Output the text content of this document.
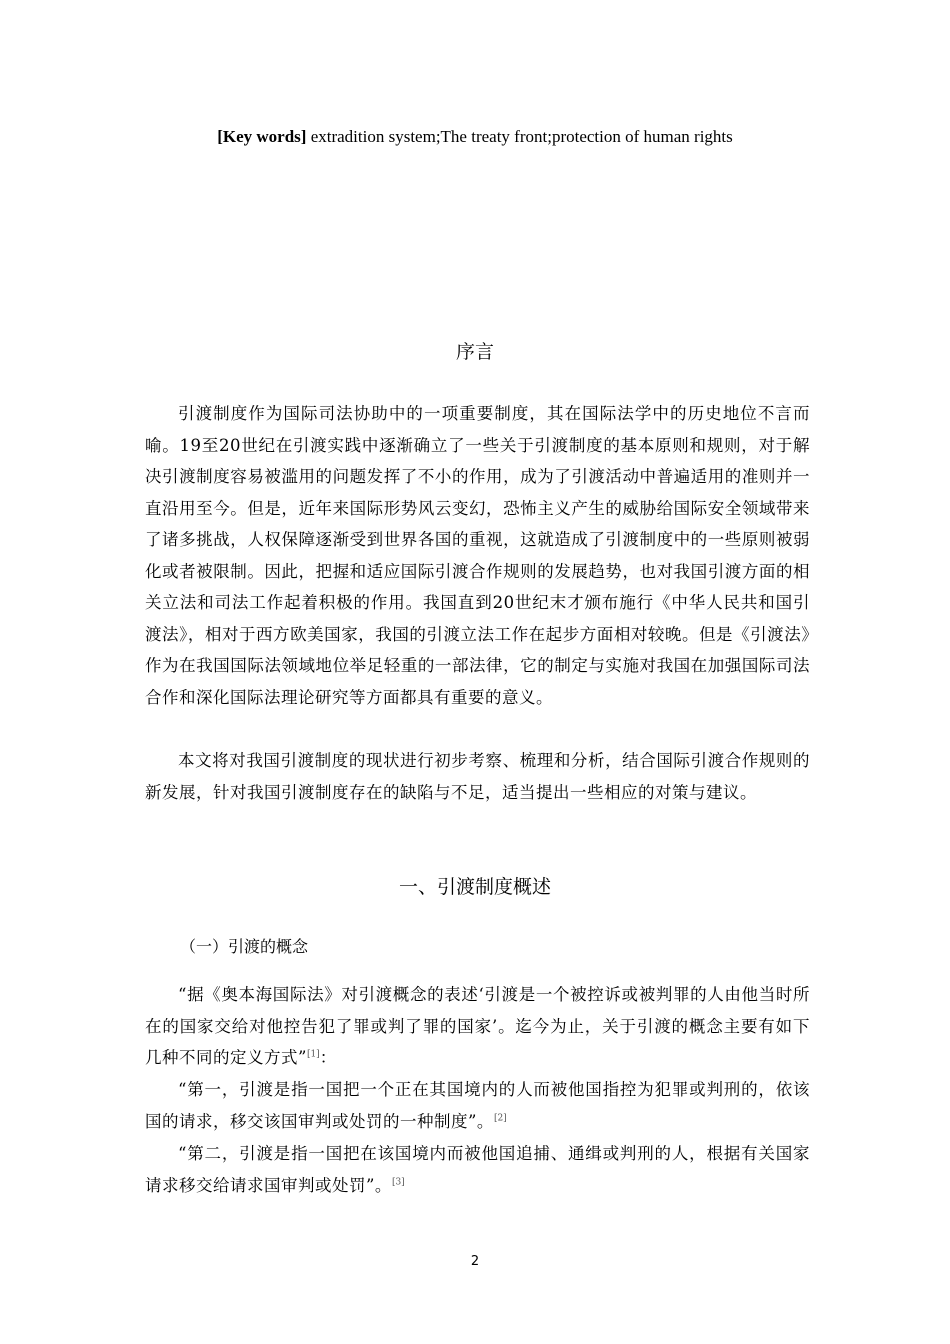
[Key words] extradition system;The treaty front;protection of human rights
序言

引渡制度作为国际司法协助中的一项重要制度，其在国际法学中的历史地位不言而喻。19至20世纪在引渡实践中逐渐确立了一些关于引渡制度的基本原则和规则，对于解决引渡制度容易被滥用的问题发挥了不小的作用，成为了引渡活动中普遍适用的准则并一直沿用至今。但是，近年来国际形势风云变幻，恐怖主义产生的威胁给国际安全领域带来了诸多挑战，人权保障逐渐受到世界各国的重视，这就造成了引渡制度中的一些原则被弱化或者被限制。因此，把握和适应国际引渡合作规则的发展趋势，也对我国引渡方面的相关立法和司法工作起着积极的作用。我国直到20世纪末才颁布施行《中华人民共和国引渡法》，相对于西方欧美国家，我国的引渡立法工作在起步方面相对较晚。但是《引渡法》作为在我国国际法领域地位举足轻重的一部法律，它的制定与实施对我国在加强国际司法合作和深化国际法理论研究等方面都具有重要的意义。

本文将对我国引渡制度的现状进行初步考察、梳理和分析，结合国际引渡合作规则的新发展，针对我国引渡制度存在的缺陷与不足，适当提出一些相应的对策与建议。

一、引渡制度概述
（一）引渡的概念

“据《奥本海国际法》对引渡概念的表述‘引渡是一个被控诉或被判罪的人由他当时所在的国家交给对他控告犯了罪或判了罪的国家’。迄今为止，关于引渡的概念主要有如下几种不同的定义方式”[1]：

“第一，引渡是指一国把一个正在其国境内的人而被他国指控为犯罪或判刑的，依该国的请求，移交该国审判或处罚的一种制度”。[2]

“第二，引渡是指一国把在该国境内而被他国追捕、通缉或判刑的人，根据有关国家请求移交给请求国审判或处罚”。[3]

2
